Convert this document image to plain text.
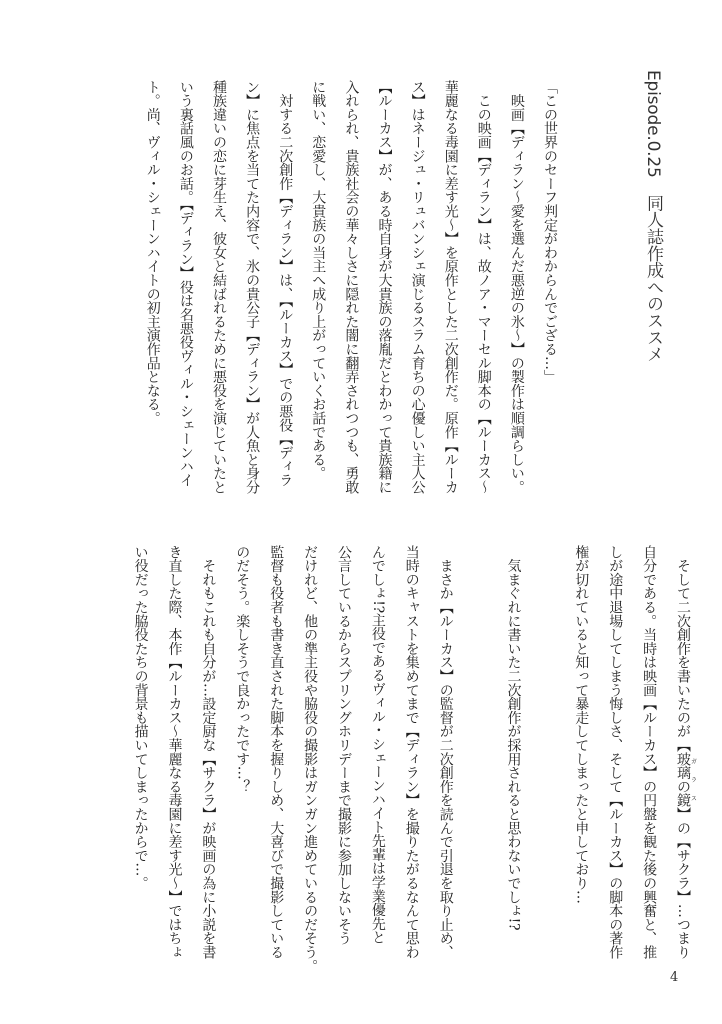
Episode.0.25　同人誌作成へのススメ
「この世界のセーフ判定がわからんでござる…」
　映画【ディラン～愛を選んだ悪逆の氷～】の製作は順調らしい。
　この映画【ディラン】は、故ノア・マーセル脚本の【ルーカス～
華麗なる毒園に差す光～】を原作とした二次創作だ。原作【ルーカ
ス】はネージュ・リュバンシェ演じるスラム育ちの心優しい主人公
【ルーカス】が、ある時自身が大貴族の落胤だとわかって貴族籍に
入れられ、貴族社会の華々しさに隠れた闇に翻弄されつつも、勇敢
に戦い、恋愛し、大貴族の当主へ成り上がっていくお話である。
　対する二次創作【ディラン】は、【ルーカス】での悪役【ディラ
ン】に焦点を当てた内容で、氷の貴公子【ディラン】が人魚と身分
種族違いの恋に芽生え、彼女と結ばれるために悪役を演じていたと
いう裏話風のお話。【ディラン】役は名悪役ヴィル・シェーンハイ
ト。尚、ヴィル・シェーンハイトの初主演作品となる。
　そして二次創作を書いたのが【玻璃の鏡ガラス】の【サクラ】…つまり
自分である。当時は映画【ルーカス】の円盤を観た後の興奮と、推
しが途中退場してしまう悔しさ、そして【ルーカス】の脚本の著作
権が切れていると知って暴走してしまったと申しており…
　気まぐれに書いた二次創作が採用されると思わないでしょ!?
　まさか【ルーカス】の監督が二次創作を読んで引退を取り止め、
当時のキャストを集めてまで【ディラン】を撮りたがるなんて思わ
んでしょ!?主役であるヴィル・シェーンハイト先輩は学業優先と
公言しているからスプリングホリデーまで撮影に参加しないそう
だけれど、他の準主役や脇役の撮影はガンガン進めているのだそう。
監督も役者も書き直された脚本を握りしめ、大喜びで撮影している
のだそう。楽しそうで良かったです…？
　それもこれも自分が…設定厨な【サクラ】が映画の為に小説を書
き直した際、本作【ルーカス～華麗なる毒園に差す光～】ではちょ
い役だった脇役たちの背景も描いてしまったからで…。
4
